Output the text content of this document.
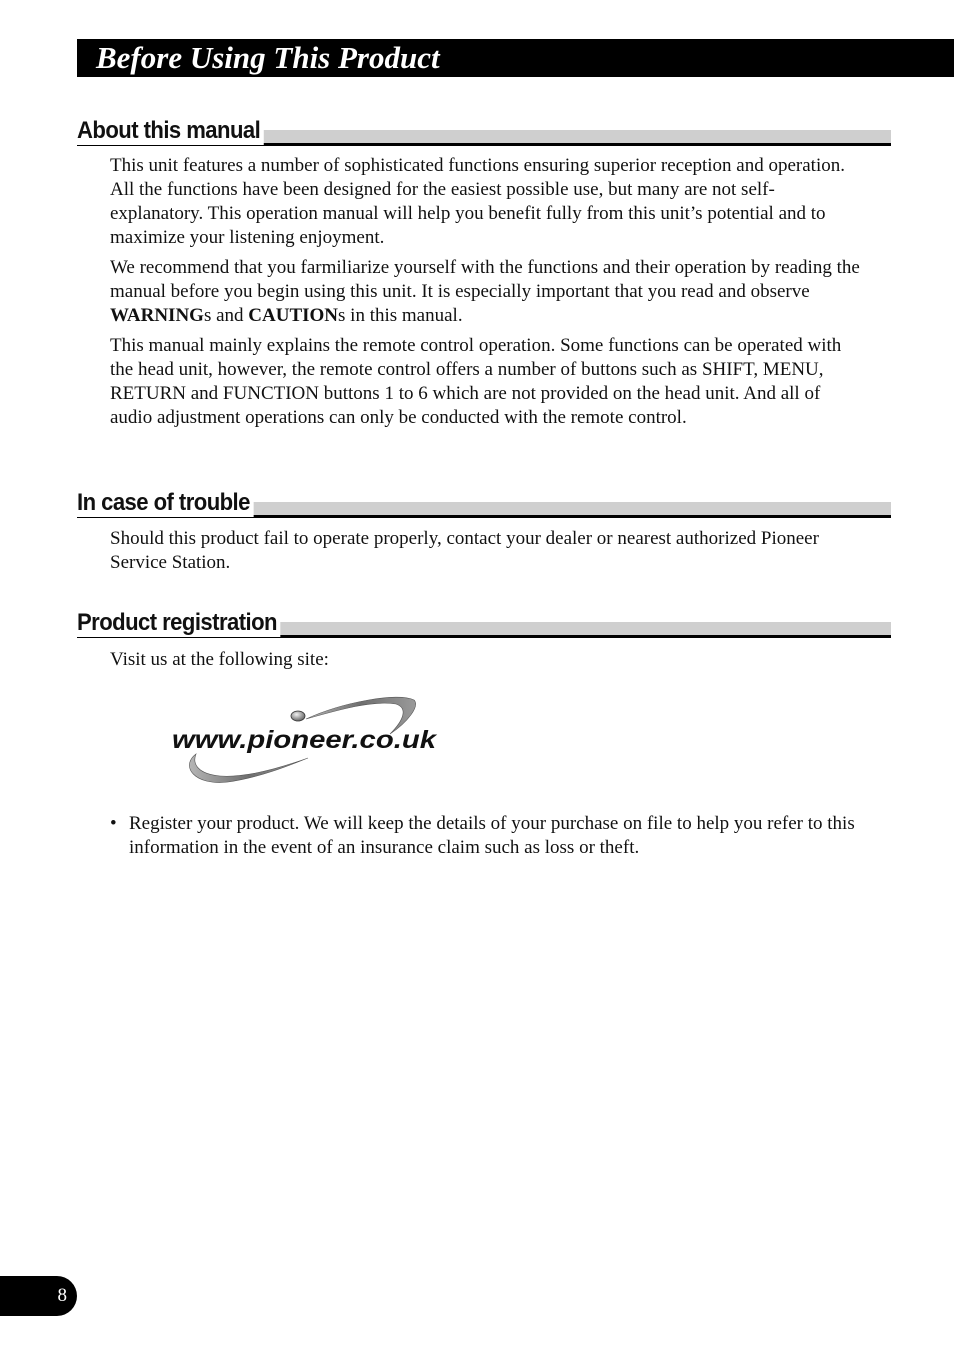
Before Using This Product
About this manual

This unit features a number of sophisticated functions ensuring superior reception and operation. All the functions have been designed for the easiest possible use, but many are not self-explanatory. This operation manual will help you benefit fully from this unit’s potential and to maximize your listening enjoyment.

We recommend that you farmiliarize yourself with the functions and their operation by reading the manual before you begin using this unit. It is especially important that you read and observe WARNINGs and CAUTIONs in this manual.

This manual mainly explains the remote control operation. Some functions can be operated with the head unit, however, the remote control offers a number of buttons such as SHIFT, MENU, RETURN and FUNCTION buttons 1 to 6 which are not provided on the head unit. And all of audio adjustment operations can only be conducted with the remote control.

In case of trouble

Should this product fail to operate properly, contact your dealer or nearest authorized Pioneer Service Station.

Product registration

Visit us at the following site:

www.pioneer.co.uk
• Register your product. We will keep the details of your purchase on file to help you refer to this information in the event of an insurance claim such as loss or theft.
8
